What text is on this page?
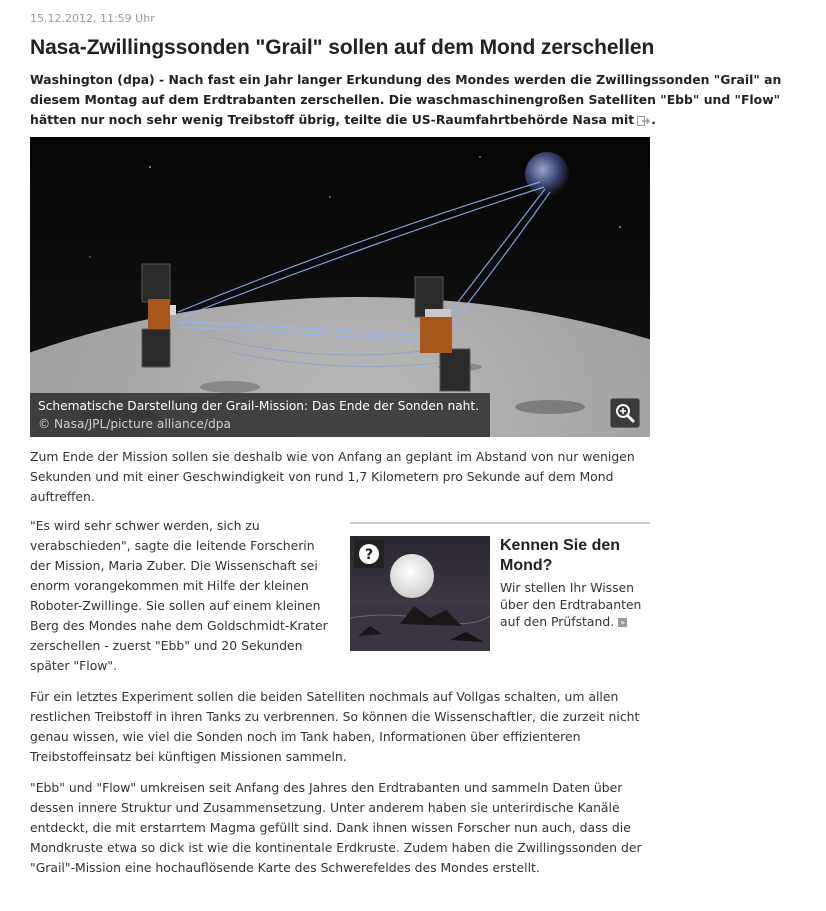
15.12.2012, 11:59 Uhr
Nasa-Zwillingssonden "Grail" sollen auf dem Mond zerschellen

Washington (dpa) - Nach fast ein Jahr langer Erkundung des Mondes werden die Zwillingssonden "Grail" an diesem Montag auf dem Erdtrabanten zerschellen. Die waschmaschinengroßen Satelliten "Ebb" und "Flow" hätten nur noch sehr wenig Treibstoff übrig, teilte die US-Raumfahrtbehörde Nasa mit .

Schematische Darstellung der Grail-Mission: Das Ende der Sonden naht. © Nasa/JPL/picture alliance/dpa

Zum Ende der Mission sollen sie deshalb wie von Anfang an geplant im Abstand von nur wenigen Sekunden und mit einer Geschwindigkeit von rund 1,7 Kilometern pro Sekunde auf dem Mond auftreffen.

"Es wird sehr schwer werden, sich zu verabschieden", sagte die leitende Forscherin der Mission, Maria Zuber. Die Wissenschaft sei enorm vorangekommen mit Hilfe der kleinen Roboter-Zwillinge. Sie sollen auf einem kleinen Berg des Mondes nahe dem Goldschmidt-Krater zerschellen - zuerst "Ebb" und 20 Sekunden später "Flow".

?
Kennen Sie den Mond?

Wir stellen Ihr Wissen über den Erdtrabanten auf den Prüfstand. »

Für ein letztes Experiment sollen die beiden Satelliten nochmals auf Vollgas schalten, um allen restlichen Treibstoff in ihren Tanks zu verbrennen. So können die Wissenschaftler, die zurzeit nicht genau wissen, wie viel die Sonden noch im Tank haben, Informationen über effizienteren Treibstoffeinsatz bei künftigen Missionen sammeln.

"Ebb" und "Flow" umkreisen seit Anfang des Jahres den Erdtrabanten und sammeln Daten über dessen innere Struktur und Zusammensetzung. Unter anderem haben sie unterirdische Kanäle entdeckt, die mit erstarrtem Magma gefüllt sind. Dank ihnen wissen Forscher nun auch, dass die Mondkruste etwa so dick ist wie die kontinentale Erdkruste. Zudem haben die Zwillingssonden der "Grail"-Mission eine hochauflösende Karte des Schwerefeldes des Mondes erstellt.
